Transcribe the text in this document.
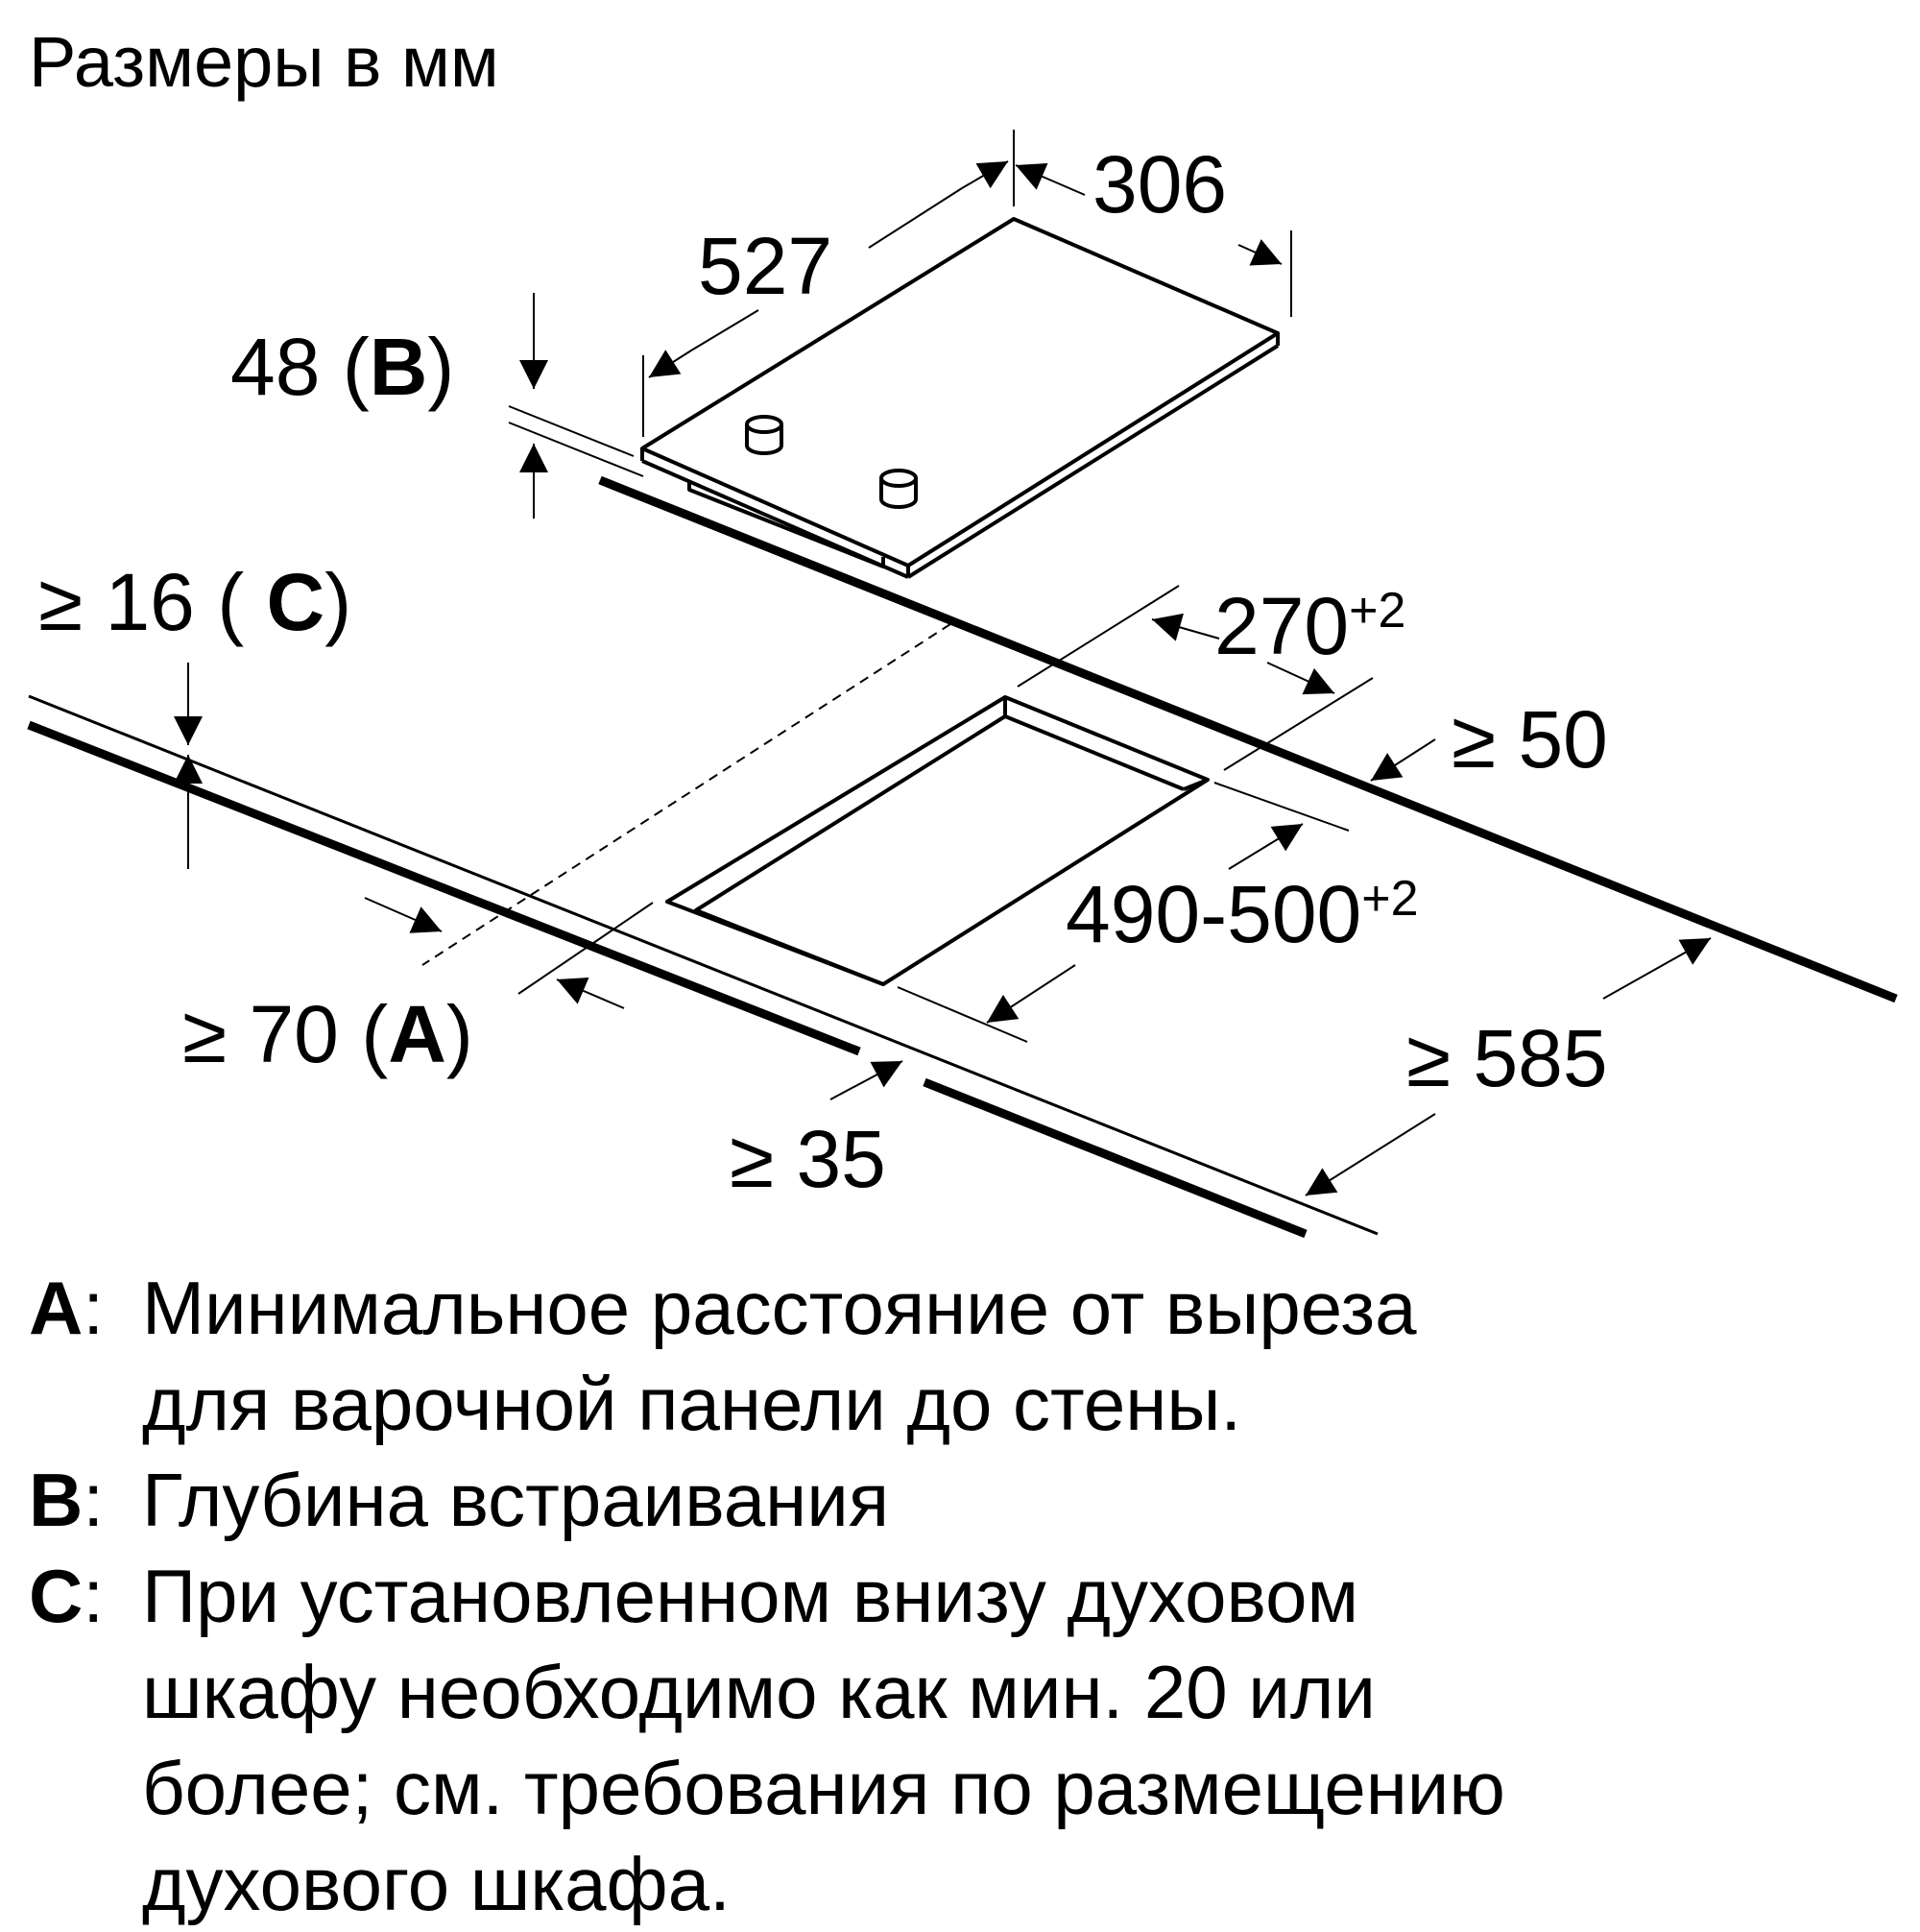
Размеры в мм
306
527
48 (B)
$270^{+2}$
≥ 16 ( C)
≥ 50
$490-500^{+2}$
≥ 70 (A)	≥ 585
≥ 35
A: Минимальное расстояние от выреза
для варочной панели до стены.
B: Глубина встраивания
C: При установленном внизу духовом
шкафу необходимо как мин. 20 или
более; см. требования по размещению
духового шкафа.
